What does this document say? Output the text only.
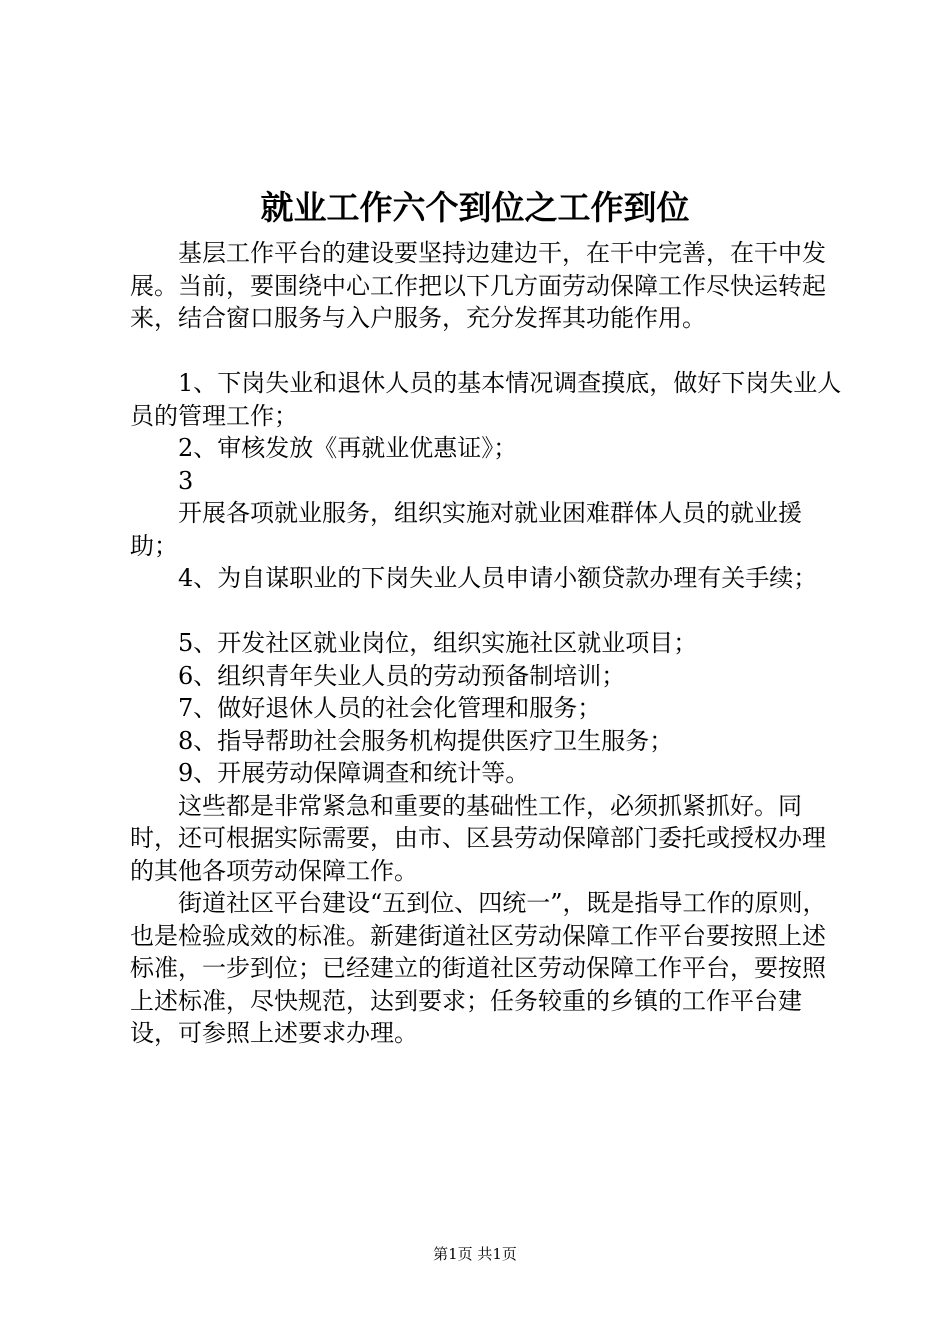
就业工作六个到位之工作到位

基层工作平台的建设要坚持边建边干，在干中完善，在干中发展。当前，要围绕中心工作把以下几方面劳动保障工作尽快运转起来，结合窗口服务与入户服务，充分发挥其功能作用。

1、下岗失业和退休人员的基本情况调查摸底，做好下岗失业人员的管理工作；

2、审核发放《再就业优惠证》；

3

开展各项就业服务，组织实施对就业困难群体人员的就业援助；

4、为自谋职业的下岗失业人员申请小额贷款办理有关手续；

5、开发社区就业岗位，组织实施社区就业项目；

6、组织青年失业人员的劳动预备制培训；

7、做好退休人员的社会化管理和服务；

8、指导帮助社会服务机构提供医疗卫生服务；

9、开展劳动保障调查和统计等。

这些都是非常紧急和重要的基础性工作，必须抓紧抓好。同时，还可根据实际需要，由市、区县劳动保障部门委托或授权办理的其他各项劳动保障工作。

街道社区平台建设“五到位、四统一”，既是指导工作的原则，也是检验成效的标准。新建街道社区劳动保障工作平台要按照上述标准，一步到位；已经建立的街道社区劳动保障工作平台，要按照上述标准，尽快规范，达到要求；任务较重的乡镇的工作平台建设，可参照上述要求办理。

第1页 共1页
